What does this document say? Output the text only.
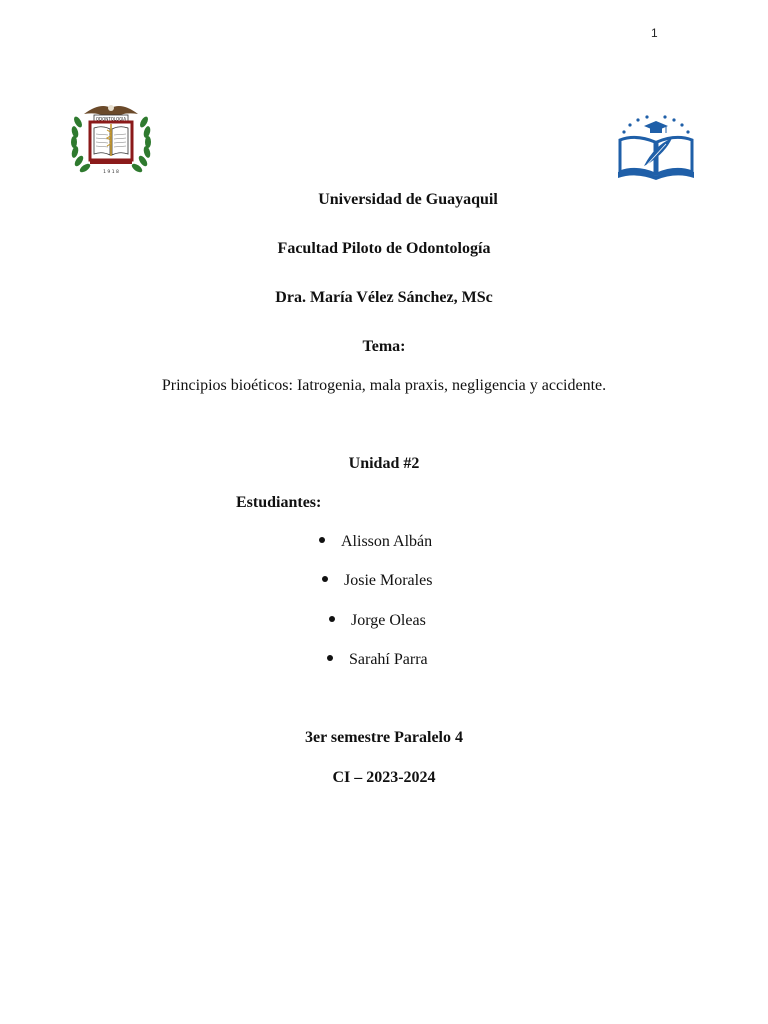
1
ODONTOLOGIA
1 9 1 8
Universidad de Guayaquil
Facultad Piloto de Odontología
Dra. María Vélez Sánchez, MSc
Tema:
Principios bioéticos: Iatrogenia, mala praxis, negligencia y accidente.
Unidad #2
Estudiantes:
Alisson Albán
Josie Morales
Jorge Oleas
Sarahí Parra
3er semestre Paralelo 4
CI – 2023-2024
